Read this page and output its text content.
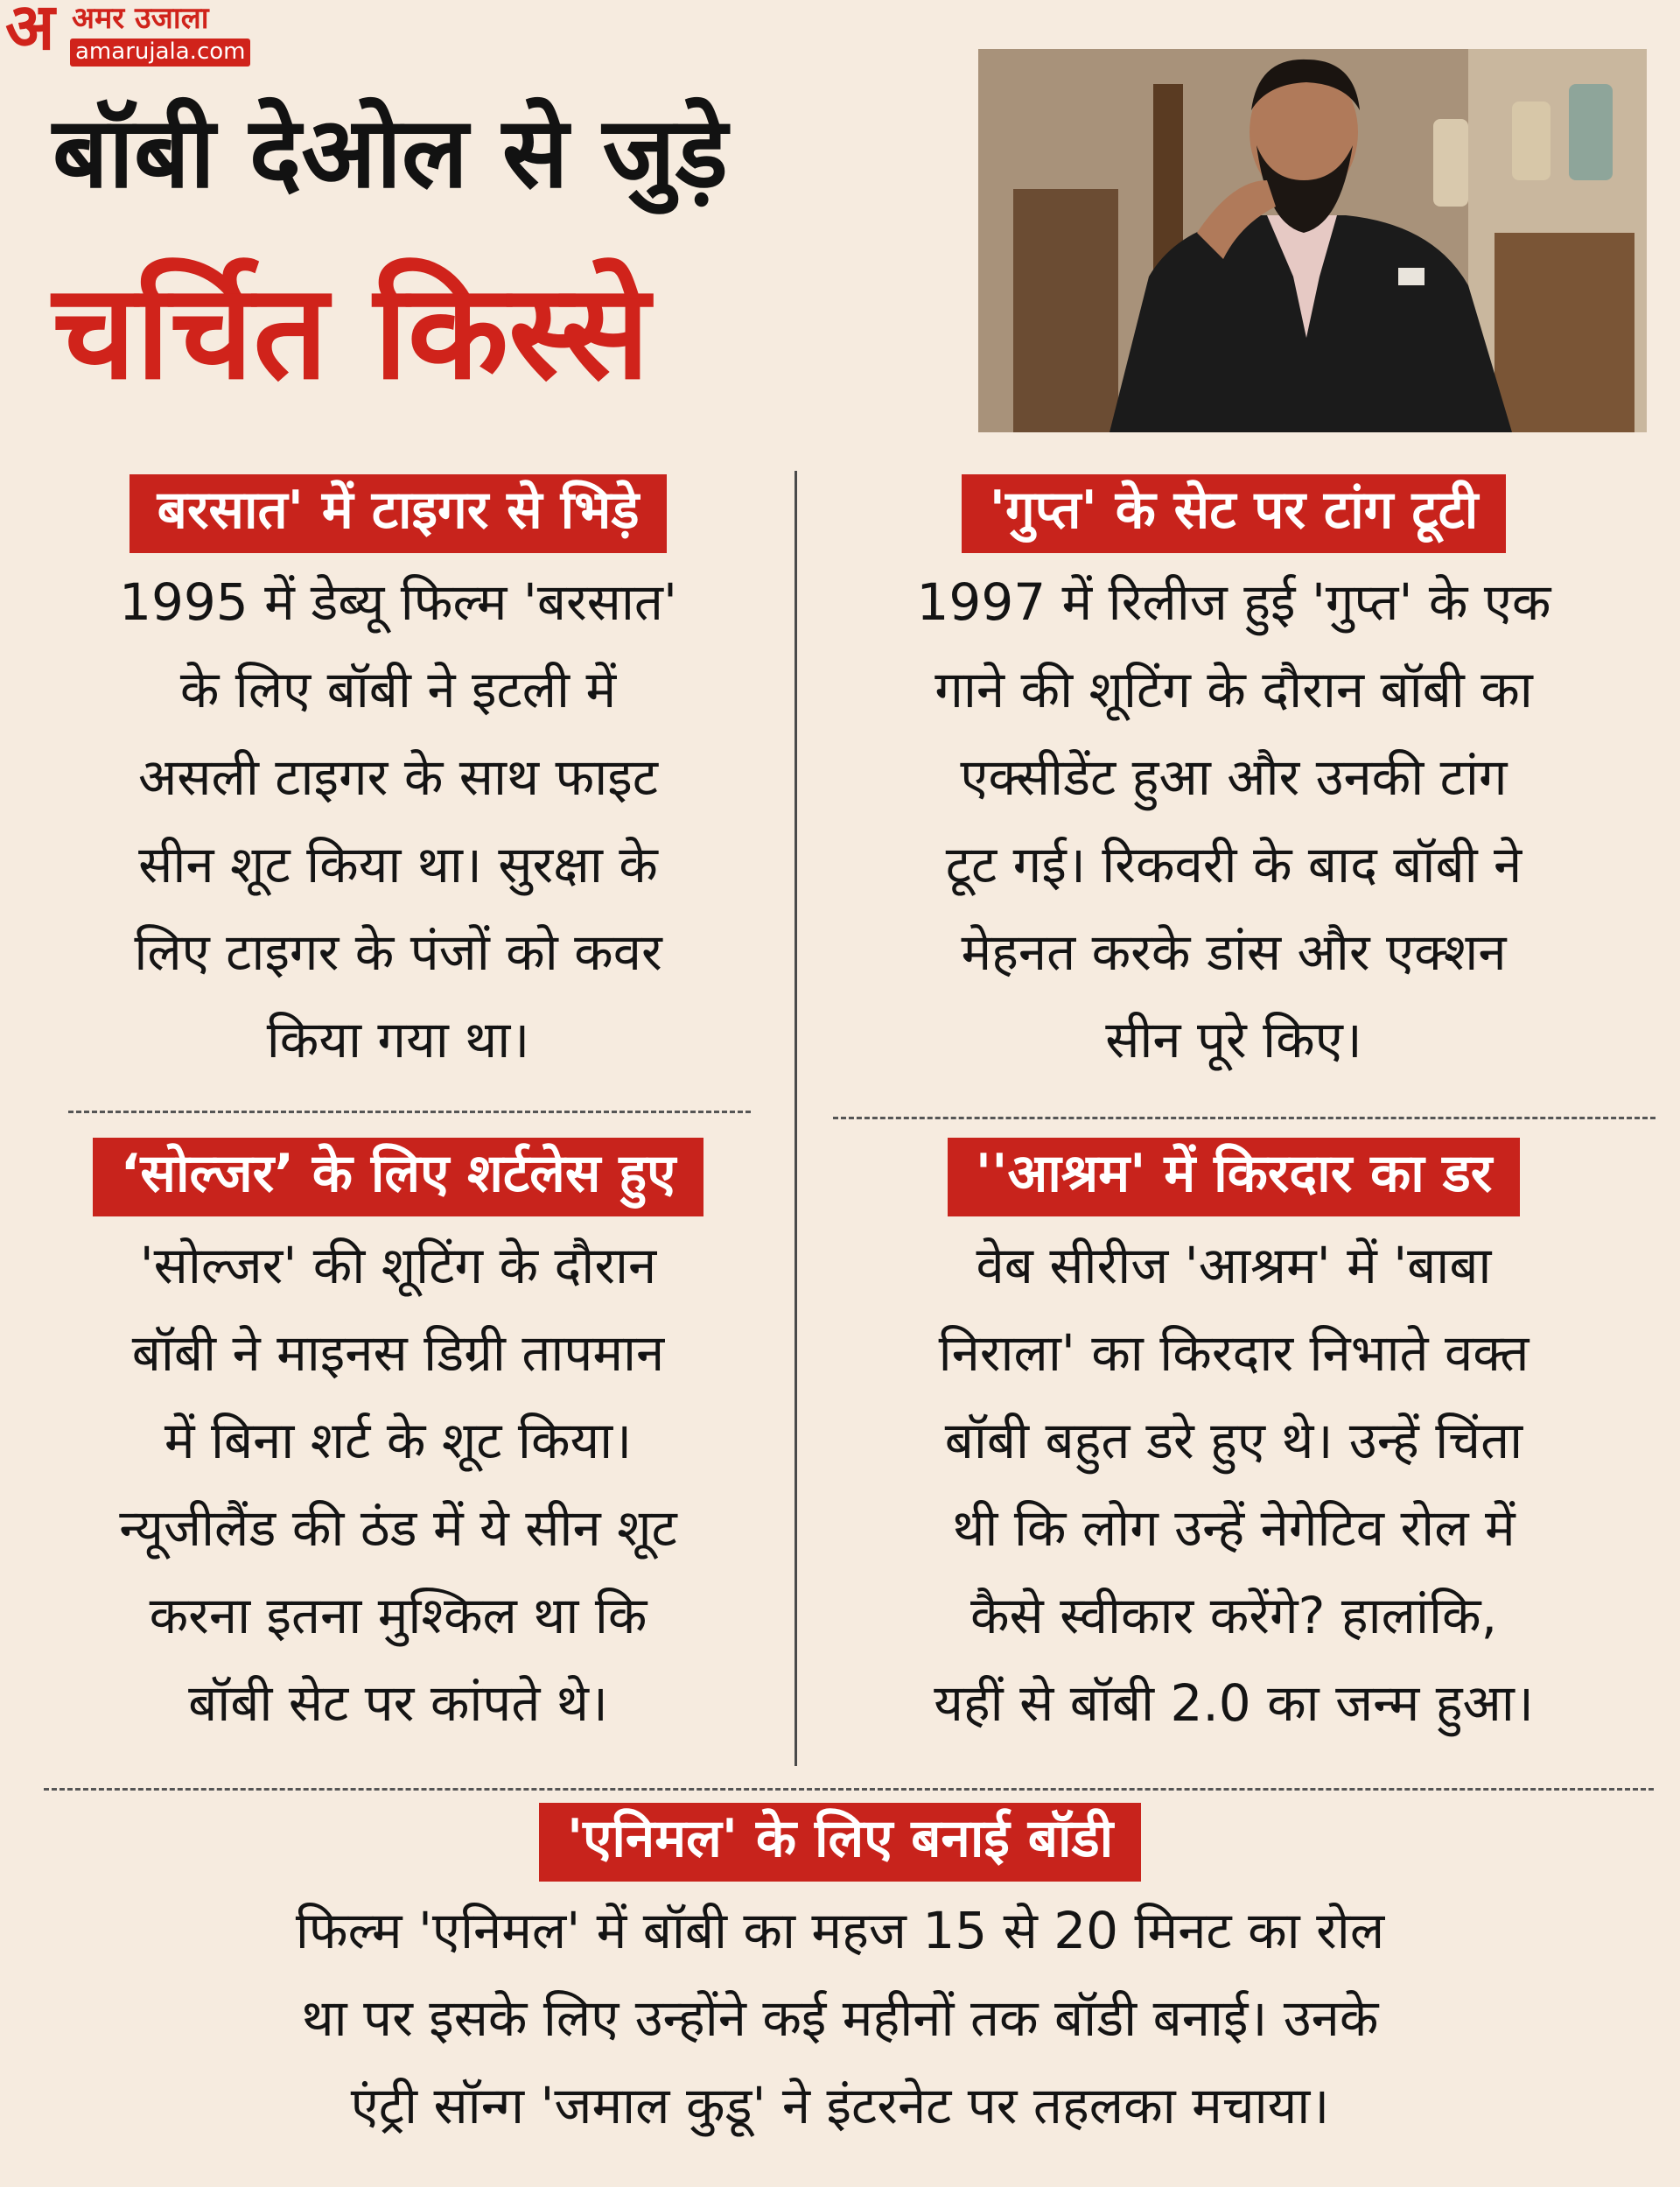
अ अमर उजाला
amarujala.com
बॉबी देओल से जुड़े
चर्चित किस्से
बरसात' में टाइगर से भिड़े
1995 में डेब्यू फिल्म 'बरसात'
के लिए बॉबी ने इटली में
असली टाइगर के साथ फाइट
सीन शूट किया था। सुरक्षा के
लिए टाइगर के पंजों को कवर
किया गया था।
'गुप्त' के सेट पर टांग टूटी
1997 में रिलीज हुई 'गुप्त' के एक
गाने की शूटिंग के दौरान बॉबी का
एक्सीडेंट हुआ और उनकी टांग
टूट गई। रिकवरी के बाद बॉबी ने
मेहनत करके डांस और एक्शन
सीन पूरे किए।
‘सोल्जर’ के लिए शर्टलेस हुए
'सोल्जर' की शूटिंग के दौरान
बॉबी ने माइनस डिग्री तापमान
में बिना शर्ट के शूट किया।
न्यूजीलैंड की ठंड में ये सीन शूट
करना इतना मुश्किल था कि
बॉबी सेट पर कांपते थे।
''आश्रम' में किरदार का डर
वेब सीरीज 'आश्रम' में 'बाबा
निराला' का किरदार निभाते वक्त
बॉबी बहुत डरे हुए थे। उन्हें चिंता
थी कि लोग उन्हें नेगेटिव रोल में
कैसे स्वीकार करेंगे? हालांकि,
यहीं से बॉबी 2.0 का जन्म हुआ।
'एनिमल' के लिए बनाई बॉडी
फिल्म 'एनिमल' में बॉबी का महज 15 से 20 मिनट का रोल
था पर इसके लिए उन्होंने कई महीनों तक बॉडी बनाई। उनके
एंट्री सॉन्ग 'जमाल कुडू' ने इंटरनेट पर तहलका मचाया।
